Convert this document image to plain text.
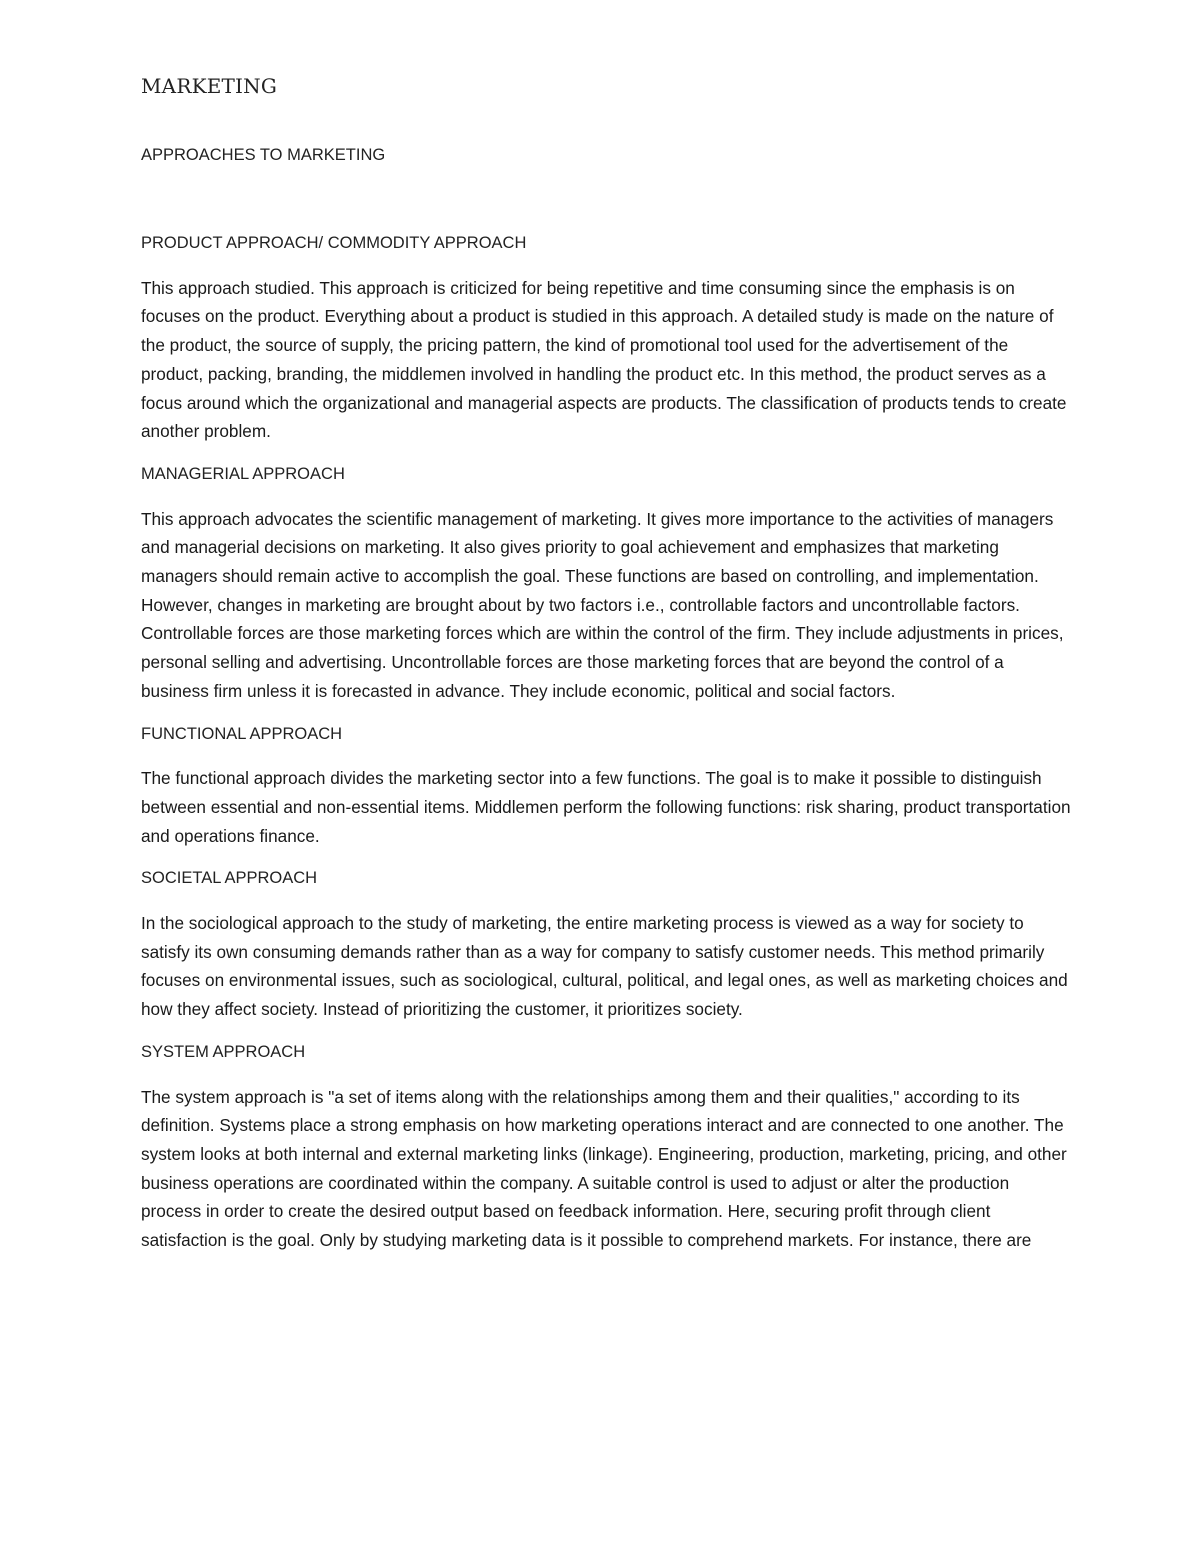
MARKETING
APPROACHES TO MARKETING
PRODUCT APPROACH/ COMMODITY APPROACH

This approach studied. This approach is criticized for being repetitive and time consuming since the emphasis is on focuses on the product. Everything about a product is studied in this approach. A detailed study is made on the nature of the product, the source of supply, the pricing pattern, the kind of promotional tool used for the advertisement of the product, packing, branding, the middlemen involved in handling the product etc. In this method, the product serves as a focus around which the organizational and managerial aspects are products. The classification of products tends to create another problem.

MANAGERIAL APPROACH

This approach advocates the scientific management of marketing. It gives more importance to the activities of managers and managerial decisions on marketing. It also gives priority to goal achievement and emphasizes that marketing managers should remain active to accomplish the goal. These functions are based on controlling, and implementation. However, changes in marketing are brought about by two factors i.e., controllable factors and uncontrollable factors. Controllable forces are those marketing forces which are within the control of the firm. They include adjustments in prices, personal selling and advertising. Uncontrollable forces are those marketing forces that are beyond the control of a business firm unless it is forecasted in advance. They include economic, political and social factors.

FUNCTIONAL APPROACH

The functional approach divides the marketing sector into a few functions. The goal is to make it possible to distinguish between essential and non-essential items. Middlemen perform the following functions: risk sharing, product transportation and operations finance.

SOCIETAL APPROACH

In the sociological approach to the study of marketing, the entire marketing process is viewed as a way for society to satisfy its own consuming demands rather than as a way for company to satisfy customer needs. This method primarily focuses on environmental issues, such as sociological, cultural, political, and legal ones, as well as marketing choices and how they affect society. Instead of prioritizing the customer, it prioritizes society.

SYSTEM APPROACH

The system approach is "a set of items along with the relationships among them and their qualities," according to its definition. Systems place a strong emphasis on how marketing operations interact and are connected to one another. The system looks at both internal and external marketing links (linkage). Engineering, production, marketing, pricing, and other business operations are coordinated within the company. A suitable control is used to adjust or alter the production process in order to create the desired output based on feedback information. Here, securing profit through client satisfaction is the goal. Only by studying marketing data is it possible to comprehend markets. For instance, there are
